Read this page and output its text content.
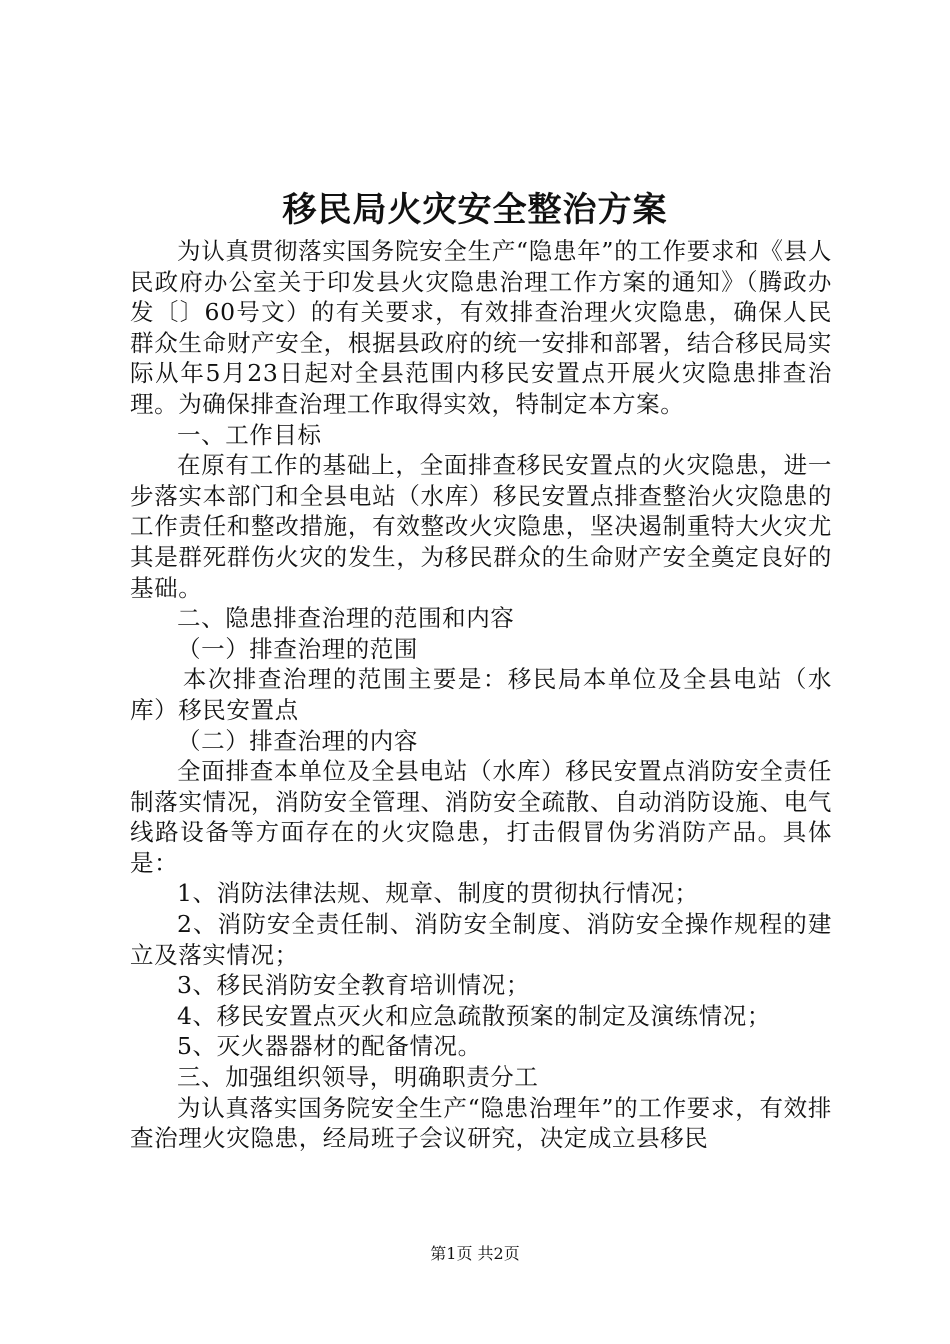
移民局火灾安全整治方案

为认真贯彻落实国务院安全生产“隐患年”的工作要求和《县人民政府办公室关于印发县火灾隐患治理工作方案的通知》（腾政办发〔〕60号文）的有关要求，有效排查治理火灾隐患，确保人民群众生命财产安全，根据县政府的统一安排和部署，结合移民局实际从年5月23日起对全县范围内移民安置点开展火灾隐患排查治理。为确保排查治理工作取得实效，特制定本方案。

一、工作目标

在原有工作的基础上，全面排查移民安置点的火灾隐患，进一步落实本部门和全县电站（水库）移民安置点排查整治火灾隐患的工作责任和整改措施，有效整改火灾隐患，坚决遏制重特大火灾尤其是群死群伤火灾的发生，为移民群众的生命财产安全奠定良好的基础。

二、隐患排查治理的范围和内容

（一）排查治理的范围

本次排查治理的范围主要是：移民局本单位及全县电站（水库）移民安置点

（二）排查治理的内容

全面排查本单位及全县电站（水库）移民安置点消防安全责任制落实情况，消防安全管理、消防安全疏散、自动消防设施、电气线路设备等方面存在的火灾隐患，打击假冒伪劣消防产品。具体是：

1、消防法律法规、规章、制度的贯彻执行情况；

2、消防安全责任制、消防安全制度、消防安全操作规程的建立及落实情况；

3、移民消防安全教育培训情况；

4、移民安置点灭火和应急疏散预案的制定及演练情况；

5、灭火器器材的配备情况。

三、加强组织领导，明确职责分工

为认真落实国务院安全生产“隐患治理年”的工作要求，有效排查治理火灾隐患，经局班子会议研究，决定成立县移民

第1页 共2页
